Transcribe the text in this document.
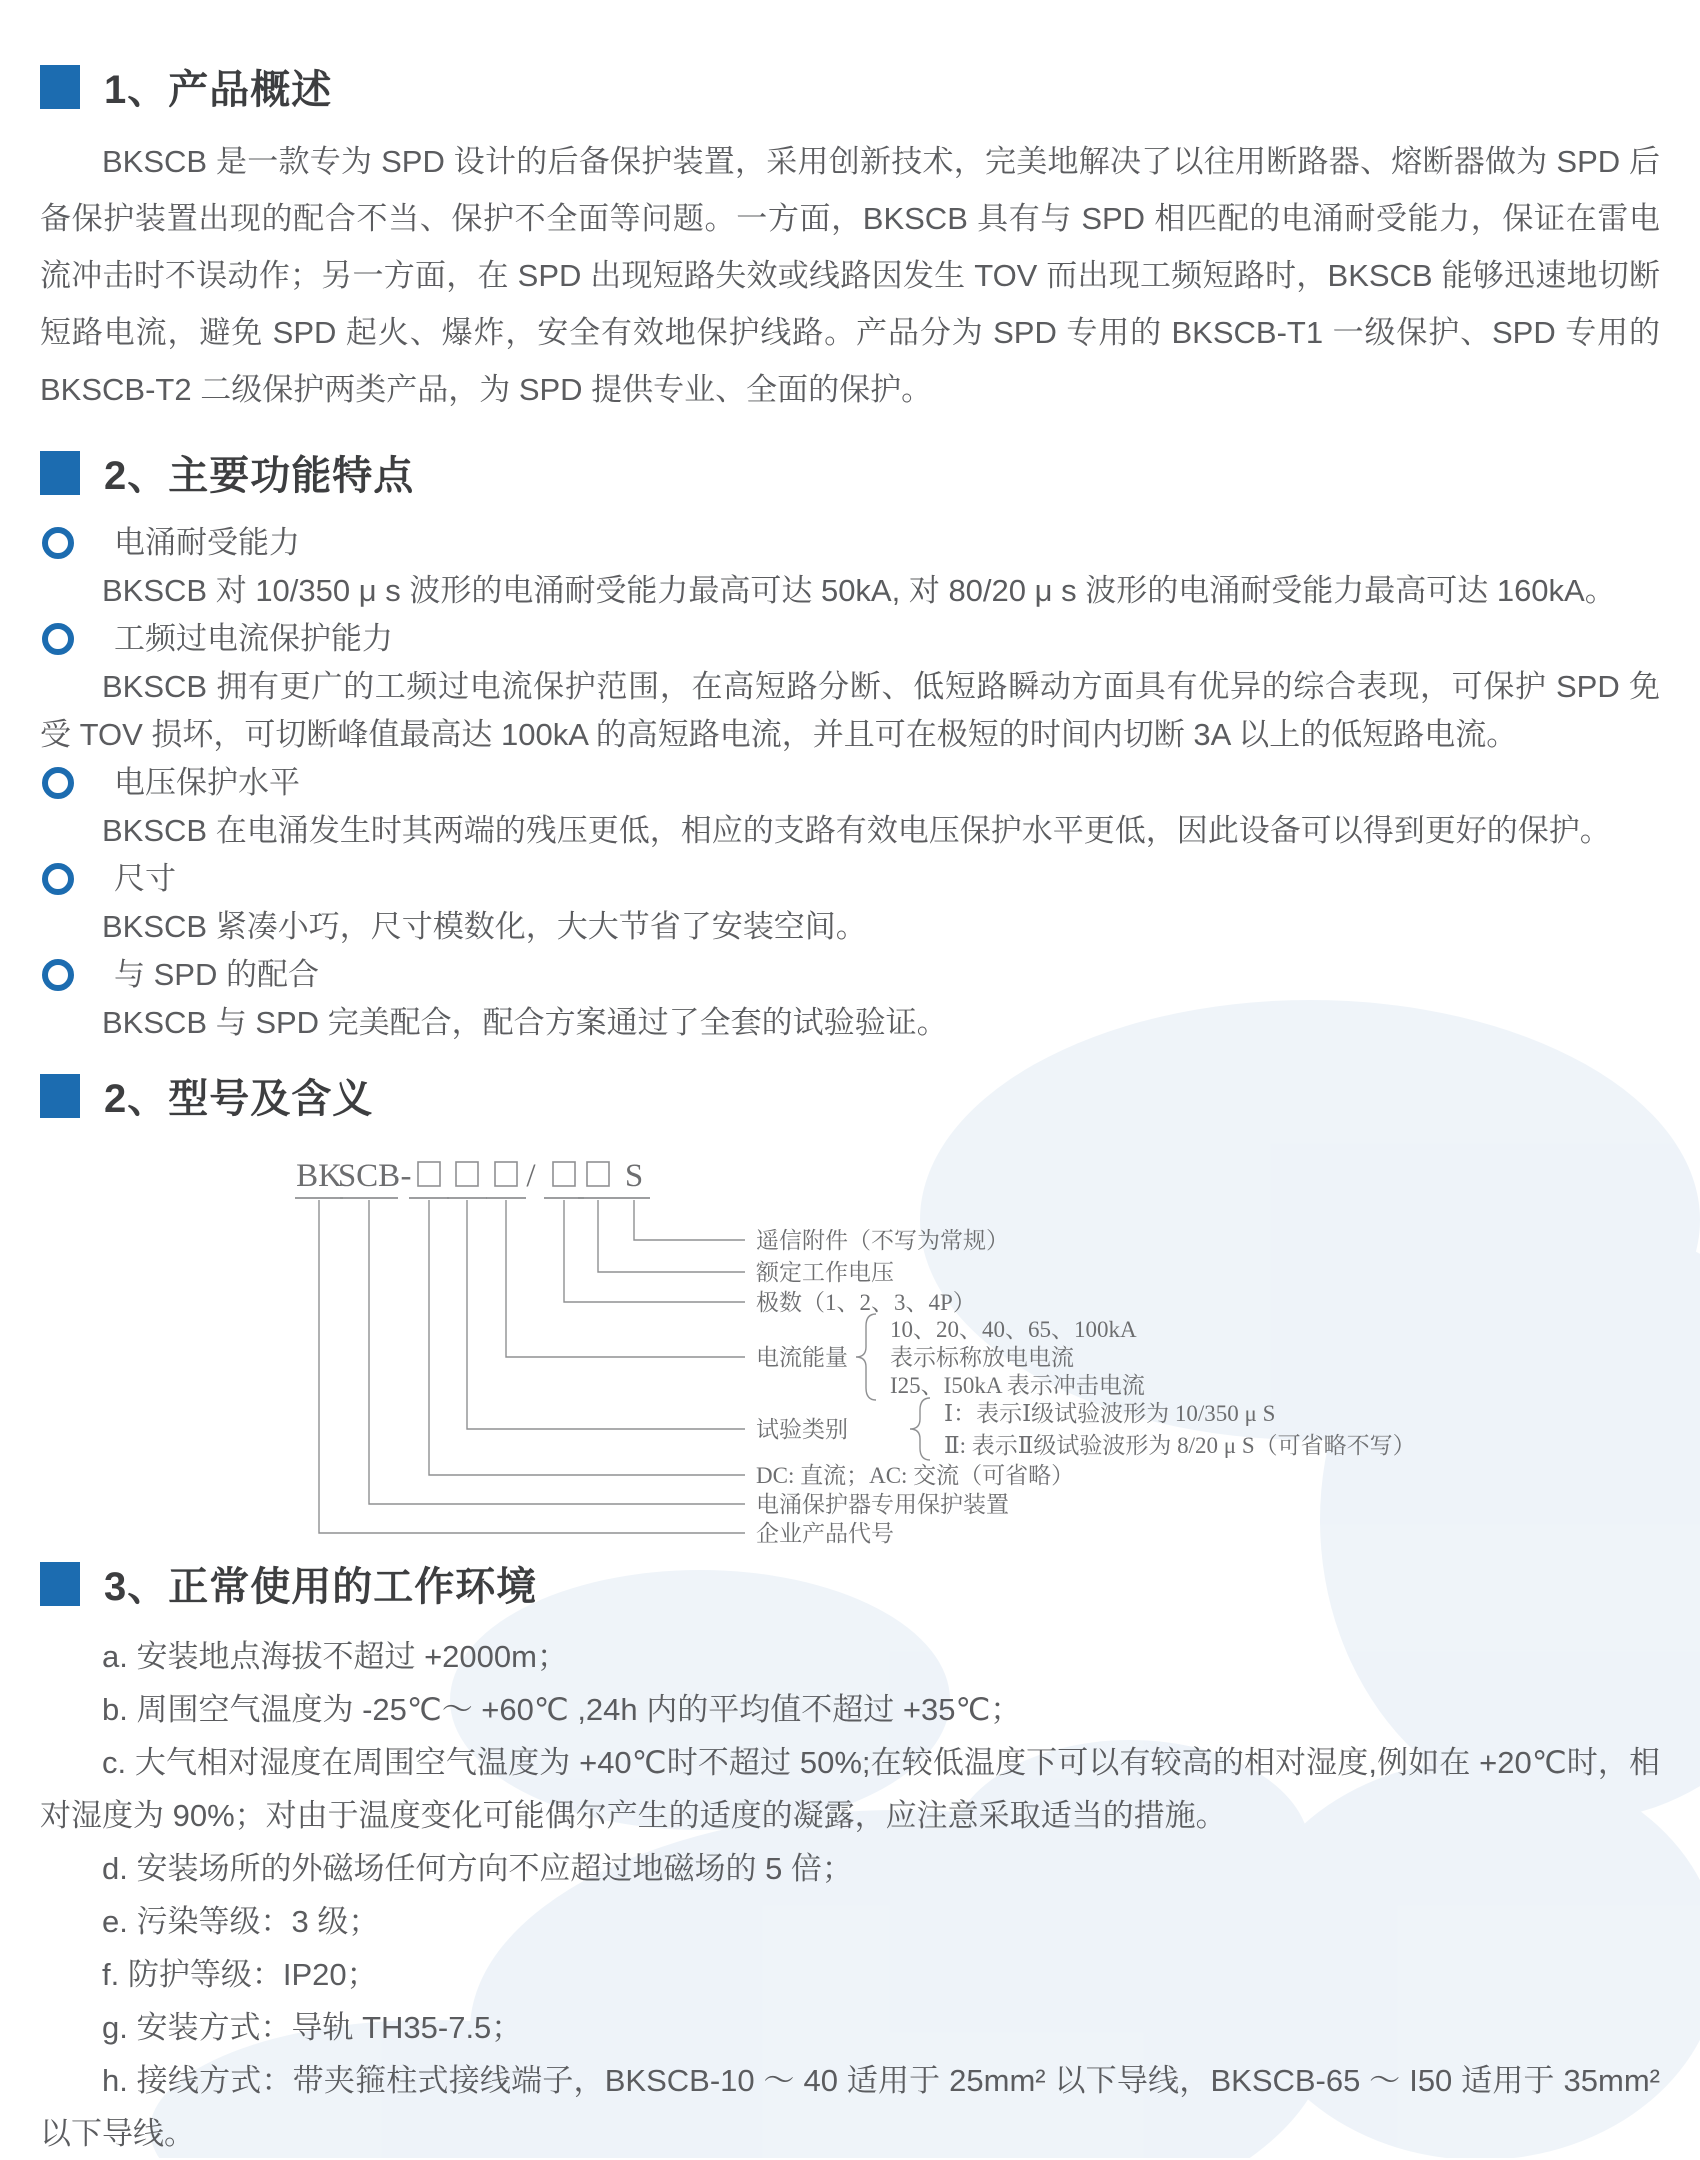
1、产品概述

BKSCB 是一款专为 SPD 设计的后备保护装置，采用创新技术，完美地解决了以往用断路器、熔断器做为 SPD 后备保护装置出现的配合不当、保护不全面等问题。一方面，BKSCB 具有与 SPD 相匹配的电涌耐受能力，保证在雷电流冲击时不误动作；另一方面，在 SPD 出现短路失效或线路因发生 TOV 而出现工频短路时，BKSCB 能够迅速地切断短路电流，避免 SPD 起火、爆炸，安全有效地保护线路。产品分为 SPD 专用的 BKSCB-T1 一级保护、SPD 专用的 BKSCB-T2 二级保护两类产品，为 SPD 提供专业、全面的保护。

2、主要功能特点
电涌耐受能力

BKSCB 对 10/350 μ s 波形的电涌耐受能力最高可达 50kA, 对 80/20 μ s 波形的电涌耐受能力最高可达 160kA。

工频过电流保护能力

BKSCB 拥有更广的工频过电流保护范围，在高短路分断、低短路瞬动方面具有优异的综合表现，可保护 SPD 免受 TOV 损坏，可切断峰值最高达 100kA 的高短路电流，并且可在极短的时间内切断 3A 以上的低短路电流。

电压保护水平

BKSCB 在电涌发生时其两端的残压更低，相应的支路有效电压保护水平更低，因此设备可以得到更好的保护。

尺寸

BKSCB 紧凑小巧，尺寸模数化，大大节省了安装空间。

与 SPD 的配合

BKSCB 与 SPD 完美配合，配合方案通过了全套的试验验证。

2、型号及含义
BK
SCB -	/	S
遥信附件（不写为常规）
额定工作电压
极数（1、2、3、4P）
电流能量
10、20、40、65、100kA
表示标称放电电流
I25、I50kA 表示冲击电流
试验类别
Ⅰ：表示Ⅰ级试验波形为 10/350 μ S
Ⅱ: 表示Ⅱ级试验波形为 8/20 μ S（可省略不写）
DC: 直流；AC: 交流（可省略）
电涌保护器专用保护装置
企业产品代号
3、正常使用的工作环境

a. 安装地点海拔不超过 +2000m；

b. 周围空气温度为 -25℃～ +60℃ ,24h 内的平均值不超过 +35℃；

c. 大气相对湿度在周围空气温度为 +40℃时不超过 50%;在较低温度下可以有较高的相对湿度,例如在 +20℃时，相对湿度为 90%；对由于温度变化可能偶尔产生的适度的凝露，应注意采取适当的措施。

d. 安装场所的外磁场任何方向不应超过地磁场的 5 倍；

e. 污染等级：3 级；

f. 防护等级：IP20；

g. 安装方式：导轨 TH35-7.5；

h. 接线方式：带夹箍柱式接线端子，BKSCB-10 ～ 40 适用于 25mm² 以下导线，BKSCB-65 ～ I50 适用于 35mm² 以下导线。
